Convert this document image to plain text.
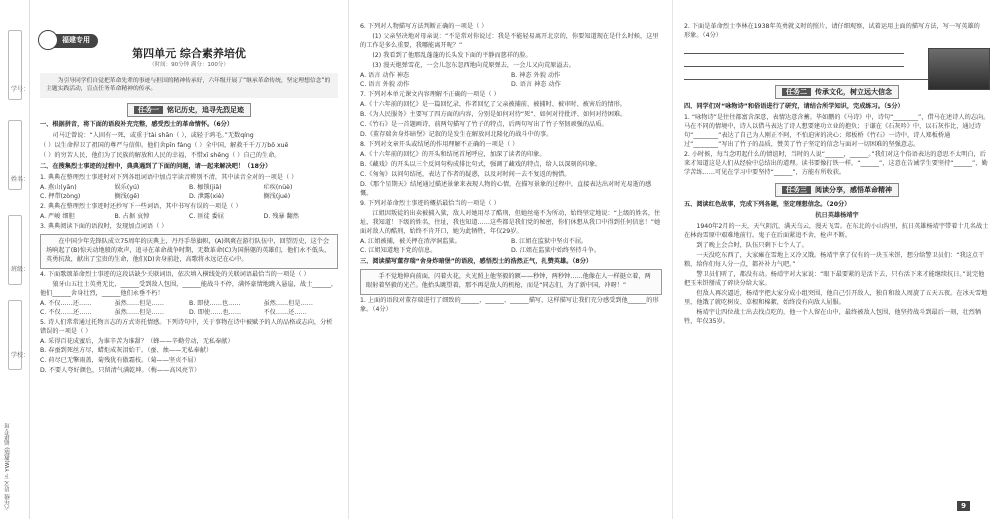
学号：
姓名：
班级：
学校：
六年级 语文 下 YW(教版) 福建专用
福建专用
第四单元 综合素养培优
（时间：90分钟 满分：100分）
为引导同学们自觉把革命先辈的事迹与担国的精神传承好，六年级开展了“继承革命传统，坚定理想信念”的主题实践活动，盲点任务革命精神的传承。
任务一 铭记历史，追寻先烈足迹
一、根据拼音，将下面的语段补充完整，感受烈士的革命情怀。（6分）
司马迁曾说：“人固有一死，或重于tài shān（ ），或轻于鸿毛。”无数qíng
（ ）以生命捍卫了祖国的尊严与信仰。他们舍pīn fáng（ ）全中国，解救千千万万bō xuē
（ ）的穷苦人民，他们为了民族的解放和人民的幸福，不惜xī shēng（ ）自己的生命。
二、在搜集烈士事迹的过程中，典典遇到了下面的问题，请一起来解决吧！（18分）
1. 典典在整理烈士事迹时对下列各组词语中加点字读音辨别不清，其中读音全对的一项是（ ）
A. 燕山(yān)	娱乐(yú)	B. 枷锁(jiā)	疟疾(nüè)
C. 押带(zòng)	搁浅(gē)	D. 泄露(xiè)	搁浅(jué)
2. 典典在整理烈士事迹时还抄写下一些词语，其中书写有误的一项是（ ）
A. 严峻 细胆	B. 占据 哀悼	C. 匪徒 委屈	D. 残暴 翻然
3. 典典阅读下面的语段时，发现加点词语（ ）
在中国少年先锋队成立75周年的庆典上，丹丹手举旗帜，(A)飒爽在游行队伍中，回望历史，这个会场响起了(B)惊天动地般的欢声，追寻在革命战争时期，无数革命(C)为国捐躯的英雄们，他们永不低头，英勇抗敌，献出了宝贵的生命，他们(D)舍身前赴，高歌将永远记在心中。
4. 下面歌颂革命烈士事迹的这段话缺少关联词语，依次填入横线处的关联词语最恰当的一项是（ ）
狼牙山五壮士英勇无比，______受到敌人包围，______能战斗不停，满怀豪情地跳入悬崖，战士______，他们______舍身壮烈，______他们永垂不朽！
A. 不仅……还……	虽然……但是……	B. 即使……也……	虽然……但是……
C. 不仅……还……	虽然……但是……	D. 即使……也……	不仅……还……
5. 诗人们常常通过托物言志的方式寄托情感。下列诗句中，关于事物在诗中被赋予的人的品格或志向，分析错误的一项是（ ）
A. 采得百花成蜜后，为谁辛苦为谁甜？（蜂——辛勤劳动，无私奉献）
B. 春蚕到死丝方尽，蜡炬成灰泪始干。（蚕、烛——无私奉献）
C. 荷尽已无擎雨盖，菊残犹有傲霜枝。（菊——坚贞不屈）
D. 不要人夸好颜色，只留清气满乾坤。（梅——高风亮节）
6. 下列对人物描写方法判断正确的一项是（ ）
(1) 父亲坚决地对母亲说：“不是常对你说过：我是不能轻易离开北京的，你要知道现在是什么时候，这里的工作是多么重要，我哪能离开呢？”
(2) 我看到了他那乱蓬蓬的长头发下面的平静而慈祥的脸。
(3) 漫天炮弹雪花，一会儿忽东忽西地向荒原弹去，一会儿又向荒原溢去。
A. 语言 动作 神态	B. 神态 外貌 动作
C. 语言 外貌 动作	D. 语言 神态 动作
7. 下列对本单元课文内容理解不正确的一项是（ ）
A.《十六年前的回忆》是一篇回忆录，作者回忆了父亲被捕前、被捕时、被审时、被害后的情形。
B.《为人民服务》主要写了四方面的内容，分别是如何对待“死”、如何对待批评、如何对待困难。
C.《竹石》是一首题画诗，前两句描写了竹子的特点，后两句写出了竹子坚韧顽强的品质。
D.《董存瑞舍身炸暗堡》记叙的是发生在解放河北隆化的战斗中的事。
8. 下列对文章开头或结尾的作用理解不正确的一项是（ ）
A.《十六年前的回忆》的开头和结尾首尾呼应，加深了读者的印象。
B.《藏戏》的开头以三个反问句构成排比句式，强调了藏戏的特点，给人以深刻的印象。
C.《匆匆》以问句结尾，表达了作者的疑惑，以及对时间一去不复返的惋惜。
D.《那个星期天》结尾通过描述景象来表现人物的心情，在描写景象的过程中，直接表达出对时光易逝的感慨。
9. 下列对革命烈士事迹的概括最恰当的一项是（ ）
江姐因叛徒的出卖被捕入狱，敌人对她用尽了酷刑，但她丝毫不为所动，始终坚定地说：“上级的姓名，住址，我知道！下级的姓名，住址，我也知道……这些都是我们党的秘密，你们休想从我口中得到任何信息！”她面对敌人的酷刑，始终不肯开口，她为此牺牲，年仅29岁。
A. 江姐被捕，被关押在渣滓洞监狱。	B. 江姐在监狱中坚贞不屈。
C. 江姐知道地下党的信息。	D. 江姐在监狱中始终坚持斗争。
三、阅读描写董存瑞“舍身炸暗堡”的语段，感悟烈士的浩然正气，扎赞英雄。（8分）
手不觉地伸向前面，闪着火花，火光照上他坚毅的额——秒钟，两秒钟……他像在人一样挺立着，两眼射着坚毅的光芒。他抬头眺望着，那不再是敌人的机枪，而是“同志们，为了新中国，冲呀！”
1. 上面的语段对董存瑞进行了细致的______、______、______描写，这样描写让我们充分感受到他______的形象。（4分）
2. 下面是革命烈士李林在1938年英勇就义时的照片，请仔细观察，试着运用上面的描写方法，写一写英雄的形象。（4分）
任务二 传承文化，树立远大信念
四、同学们对“咏物诗”和俗语进行了研究，请结合所学知识，完成练习。（5分）
1. “咏物诗”是往往都富含深意，表情达意含蓄。毕如鹏的《马诗》中，诗句“________”，借马在述诗人的志向。马在不同的情境中，诗人以借马表达了诗人想要建功立业的抱负；于谦在《石灰吟》中，以石灰作比，通过诗句“________”表达了自己为人刚正不阿，不怕迫害的决心；郑板桥《竹石》一诗中，诗人郑板桥通过“________”写出了竹子的品质，赞美了竹子坚定的信念与面对一切困难的坚强意志。
2. 小时候，每当念叨起什么的情谊时，当时的人说“______，______。”我们对这个俗语表达的意思不太明白，后来才知道这是人们从经验中总结出的道理。读书要像打铁一样，“______”，这意在告诫学生要坚持“______”，勤学苦练……可见在学习中要坚持“______”，方能有所收获。
任务三 阅读分享，感悟革命精神
五、阅读红色故事，完成下列各题，坚定理想信念。（20分）
抗日英雄杨靖宇
1940年2月的一天，天气阴沉，满天乌云，漫天飞雪。在东北的小山沟里，抗日英雄杨靖宇带着十几名战士在林海雪原中艰难地前行。鬼子在后面紧追不舍，枪声不断。
到了晚上会合时，队伍只剩下七个人了。
一天没吃东西了，大家瘫在雪地上又冷又饿。杨靖宇拿了仅有的一块玉米饼，想分给警卫员们：“我这点干粮，给你们每人分一点，都补补力气吧。”
警卫员们听了，都没有动。杨靖宇对大家说：“眼下最要紧的是活下去，只有活下来才能继续抗日。”说完他把玉米饼掰成了碎块分给大家。
但敌人再次逼近，杨靖宇把大家分成小组突围，他自己引开敌人，独自和敌人周旋了五天五夜。在冰天雪地里，他饿了就吃树皮、草根和棉絮，始终没有向敌人屈服。
杨靖宇让四位战士出去找点吃的，他一个人留在山中，最终被敌人包围，他坚持战斗到最后一刻，壮烈牺牲，年仅35岁。
9
